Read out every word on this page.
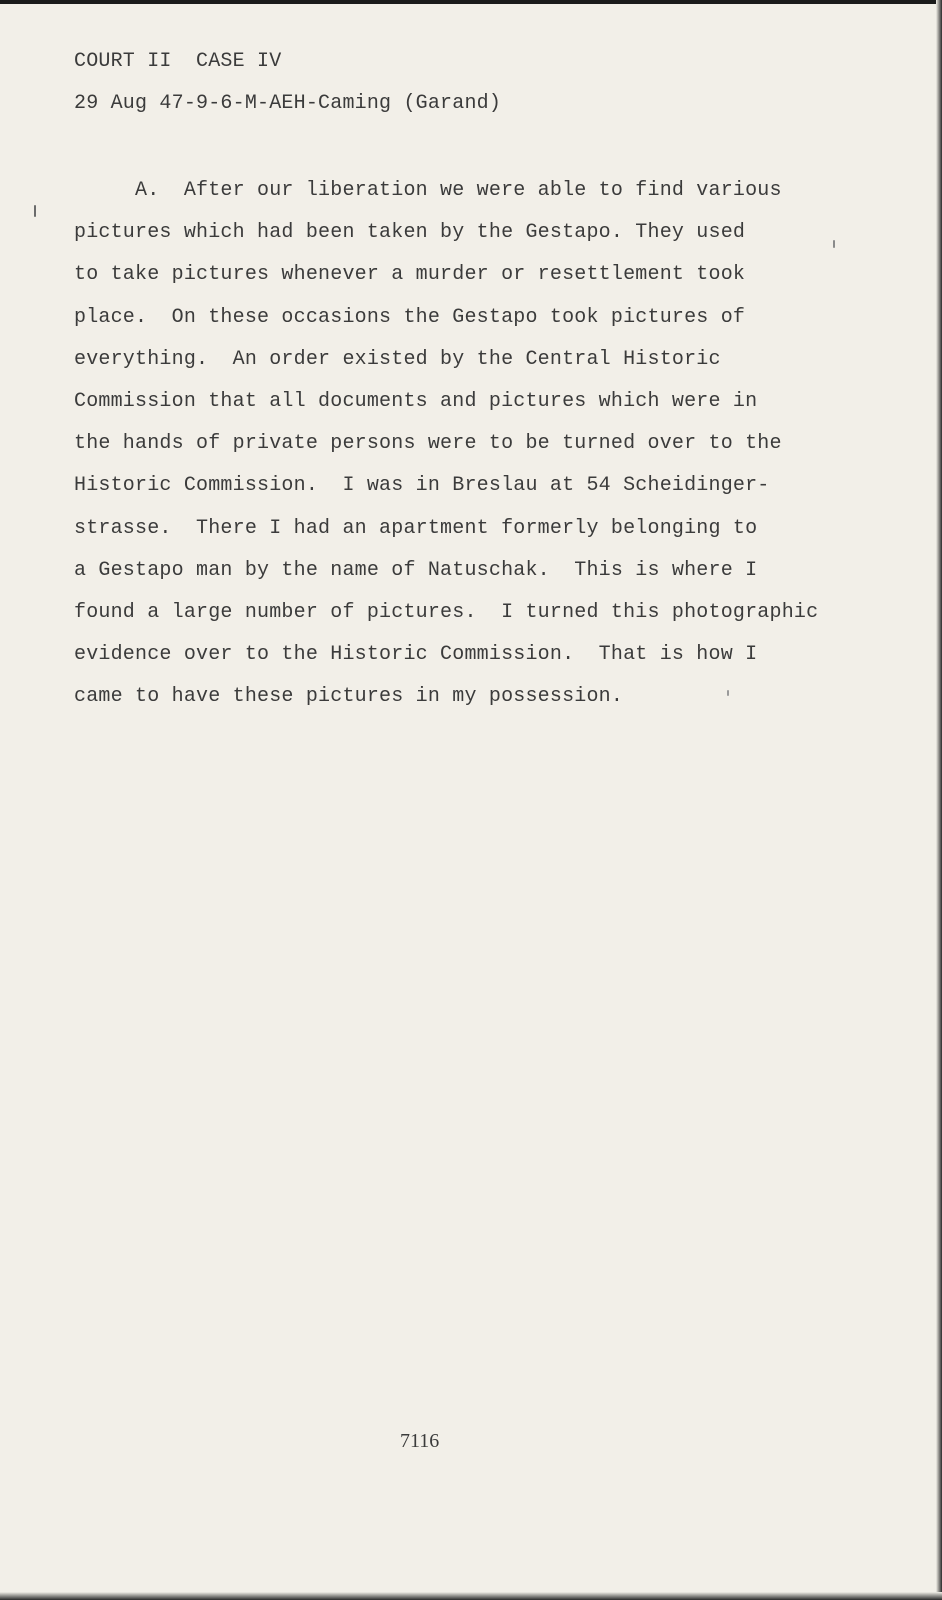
COURT II  CASE IV
29 Aug 47-9-6-M-AEH-Caming (Garand)
A.  After our liberation we were able to find various
pictures which had been taken by the Gestapo. They used
to take pictures whenever a murder or resettlement took
place.  On these occasions the Gestapo took pictures of
everything.  An order existed by the Central Historic
Commission that all documents and pictures which were in
the hands of private persons were to be turned over to the
Historic Commission.  I was in Breslau at 54 Scheidinger-
strasse.  There I had an apartment formerly belonging to
a Gestapo man by the name of Natuschak.  This is where I
found a large number of pictures.  I turned this photographic
evidence over to the Historic Commission.  That is how I
came to have these pictures in my possession.
7116
